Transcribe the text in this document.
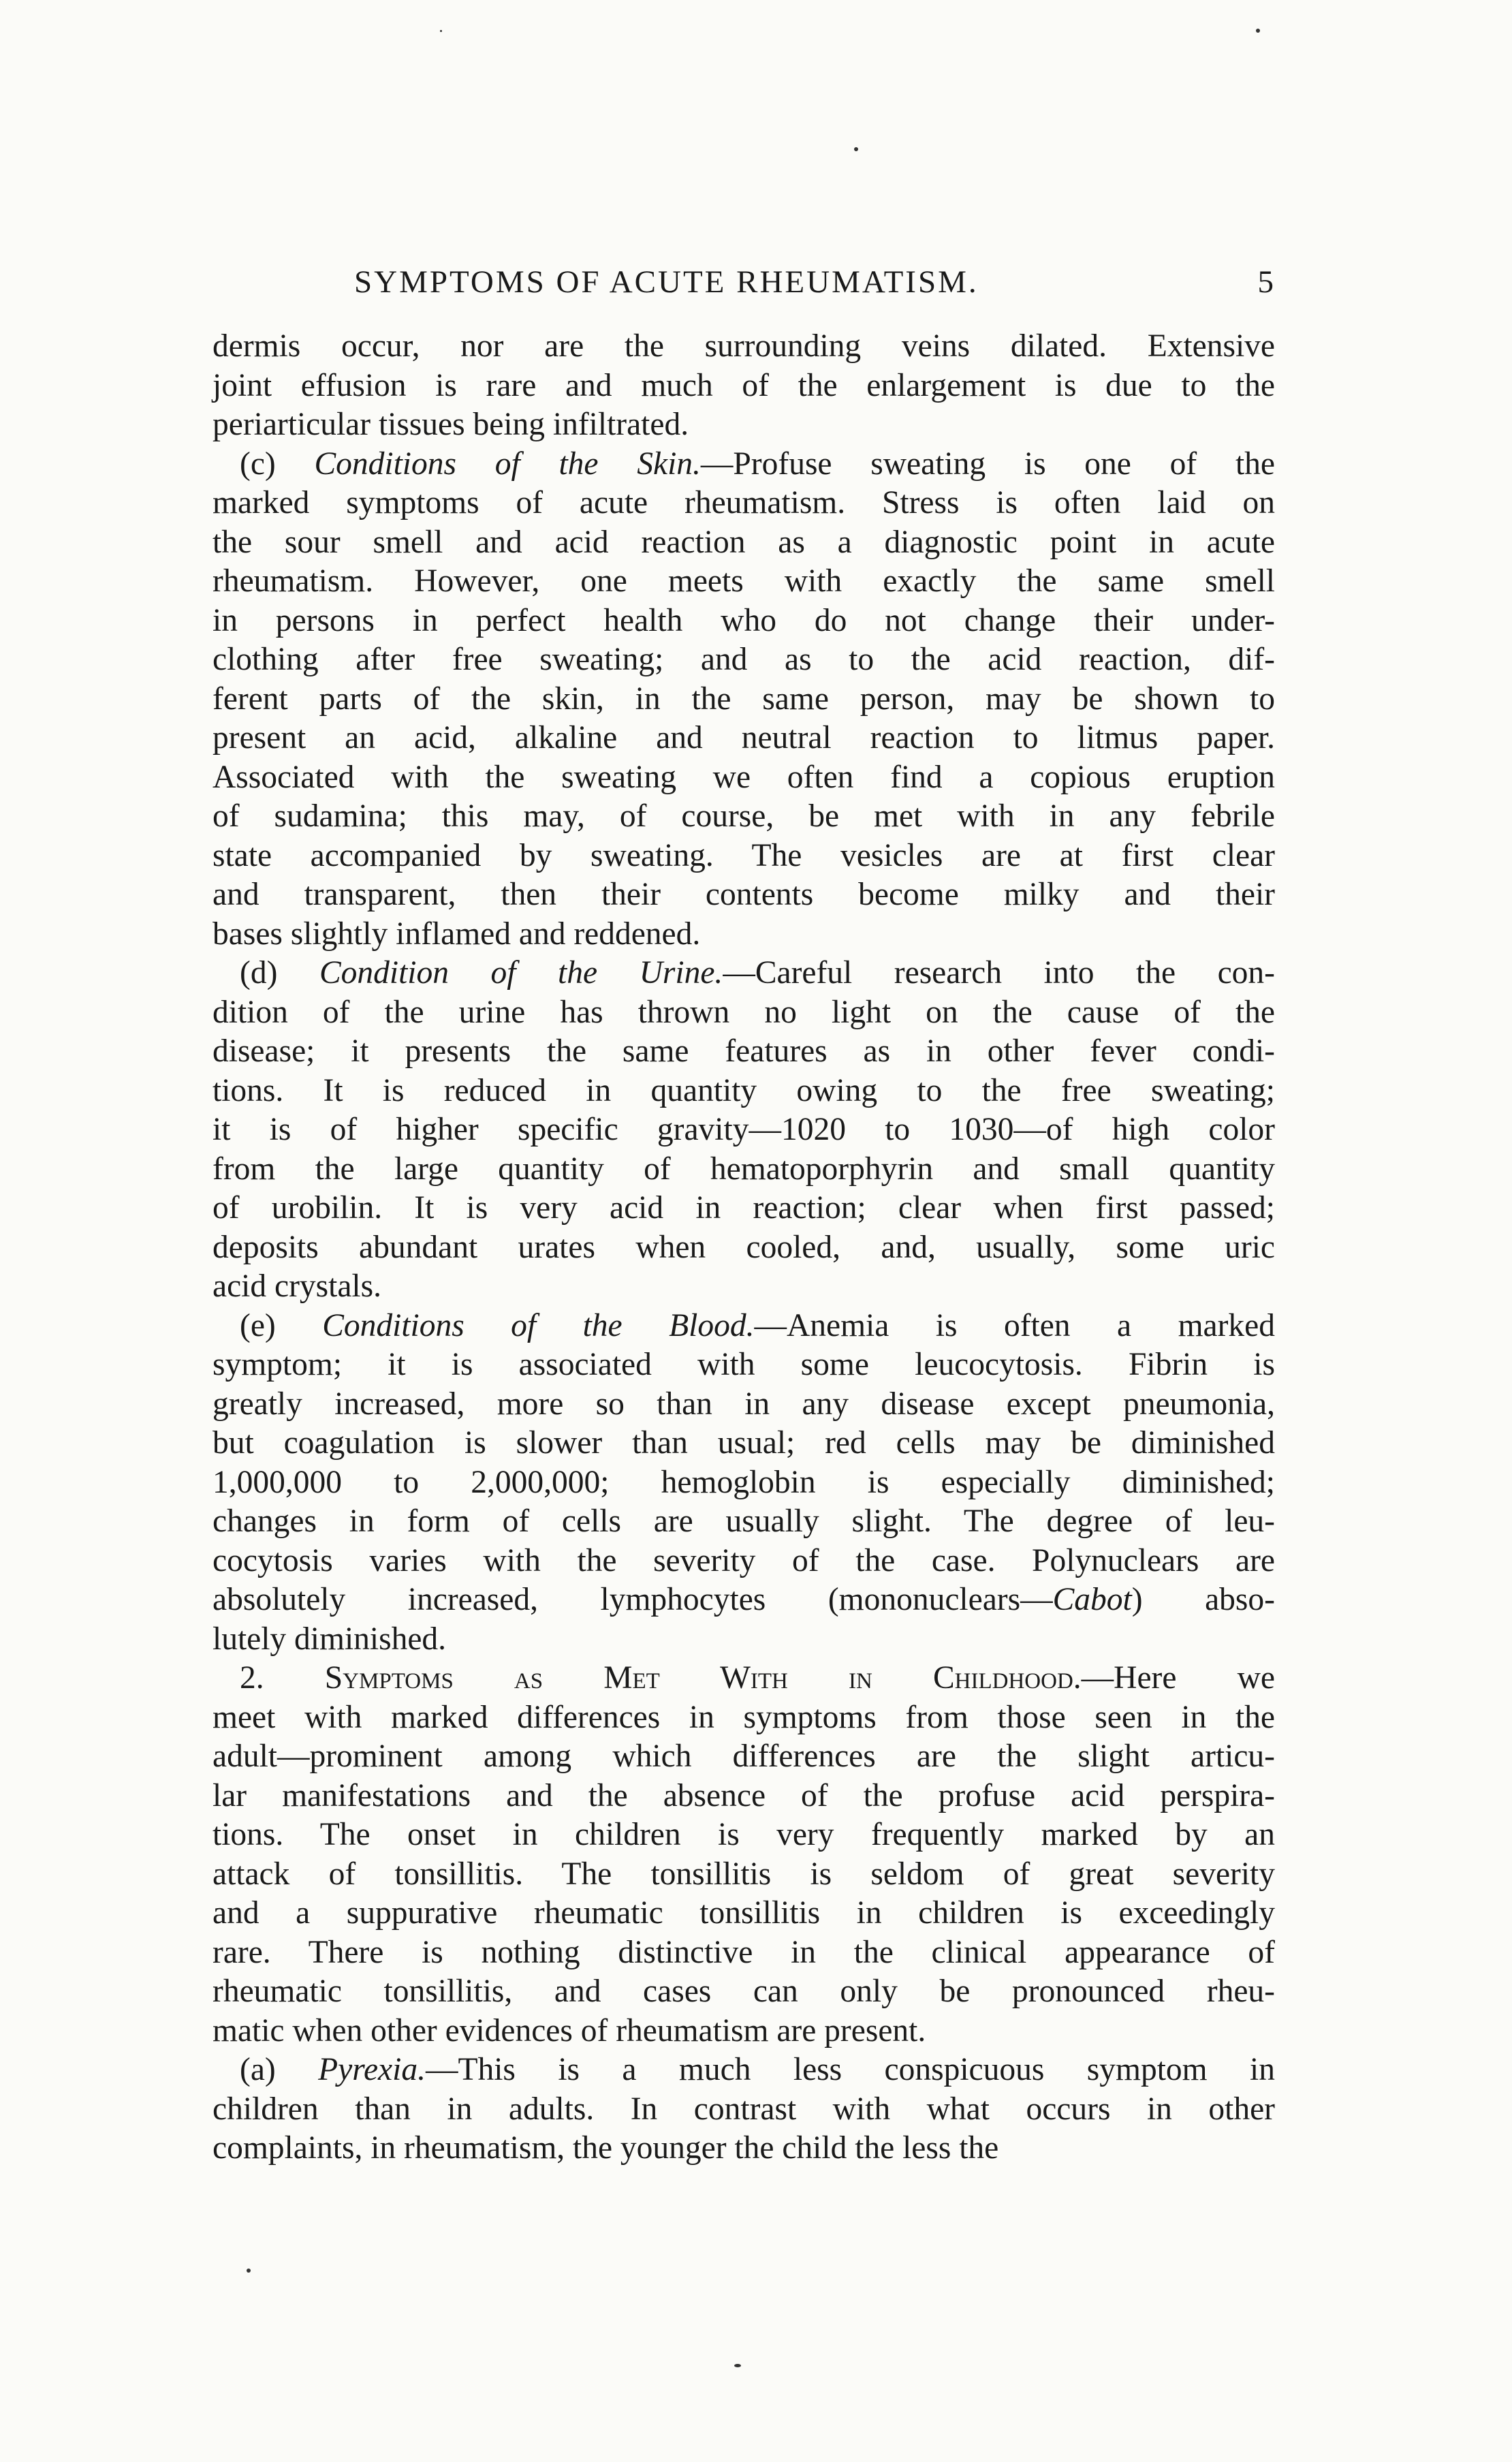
SYMPTOMS OF ACUTE RHEUMATISM.	5
dermis occur, nor are the surrounding veins dilated. Extensive
joint effusion is rare and much of the enlargement is due to the
periarticular tissues being infiltrated.
(c) Conditions of the Skin.—Profuse sweating is one of the
marked symptoms of acute rheumatism. Stress is often laid on
the sour smell and acid reaction as a diagnostic point in acute
rheumatism. However, one meets with exactly the same smell
in persons in perfect health who do not change their under-
clothing after free sweating; and as to the acid reaction, dif-
ferent parts of the skin, in the same person, may be shown to
present an acid, alkaline and neutral reaction to litmus paper.
Associated with the sweating we often find a copious eruption
of sudamina; this may, of course, be met with in any febrile
state accompanied by sweating. The vesicles are at first clear
and transparent, then their contents become milky and their
bases slightly inflamed and reddened.
(d) Condition of the Urine.—Careful research into the con-
dition of the urine has thrown no light on the cause of the
disease; it presents the same features as in other fever condi-
tions. It is reduced in quantity owing to the free sweating;
it is of higher specific gravity—1020 to 1030—of high color
from the large quantity of hematoporphyrin and small quantity
of urobilin. It is very acid in reaction; clear when first passed;
deposits abundant urates when cooled, and, usually, some uric
acid crystals.
(e) Conditions of the Blood.—Anemia is often a marked
symptom; it is associated with some leucocytosis. Fibrin is
greatly increased, more so than in any disease except pneumonia,
but coagulation is slower than usual; red cells may be diminished
1,000,000 to 2,000,000; hemoglobin is especially diminished;
changes in form of cells are usually slight. The degree of leu-
cocytosis varies with the severity of the case. Polynuclears are
absolutely increased, lymphocytes (mononuclears—Cabot) abso-
lutely diminished.
2. Symptoms as Met With in Childhood.—Here we
meet with marked differences in symptoms from those seen in the
adult—prominent among which differences are the slight articu-
lar manifestations and the absence of the profuse acid perspira-
tions. The onset in children is very frequently marked by an
attack of tonsillitis. The tonsillitis is seldom of great severity
and a suppurative rheumatic tonsillitis in children is exceedingly
rare. There is nothing distinctive in the clinical appearance of
rheumatic tonsillitis, and cases can only be pronounced rheu-
matic when other evidences of rheumatism are present.
(a) Pyrexia.—This is a much less conspicuous symptom in
children than in adults. In contrast with what occurs in other
complaints, in rheumatism, the younger the child the less the
